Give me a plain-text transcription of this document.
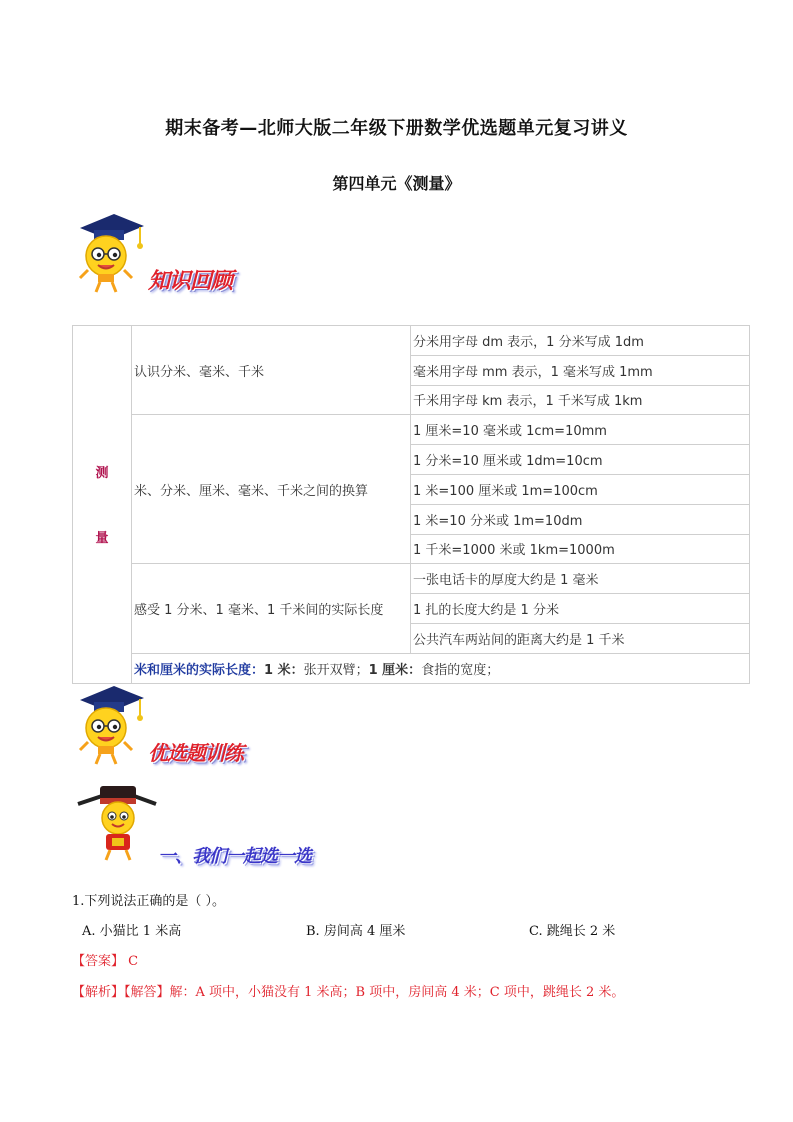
期末备考—北师大版二年级下册数学优选题单元复习讲义
第四单元《测量》
知识回顾
测
量	认识分米、毫米、千米	分米用字母 dm 表示，1 分米写成 1dm
		毫米用字母 mm 表示，1 毫米写成 1mm
		千米用字母 km 表示，1 千米写成 1km
	米、分米、厘米、毫米、千米之间的换算	1 厘米=10 毫米或 1cm=10mm
		1 分米=10 厘米或 1dm=10cm
		1 米=100 厘米或 1m=100cm
		1 米=10 分米或 1m=10dm
		1 千米=1000 米或 1km=1000m
	感受 1 分米、1 毫米、1 千米间的实际长度	一张电话卡的厚度大约是 1 毫米
		1 扎的长度大约是 1 分米
		公共汽车两站间的距离大约是 1 千米
	米和厘米的实际长度：1 米：张开双臂；1 厘米：食指的宽度；	
优选题训练
一、我们一起选一选
1.下列说法正确的是（ ）。
A. 小猫比 1 米高	B. 房间高 4 厘米	C. 跳绳长 2 米
【答案】 C
【解析】【解答】解：A 项中，小猫没有 1 米高；B 项中，房间高 4 米；C 项中，跳绳长 2 米。
